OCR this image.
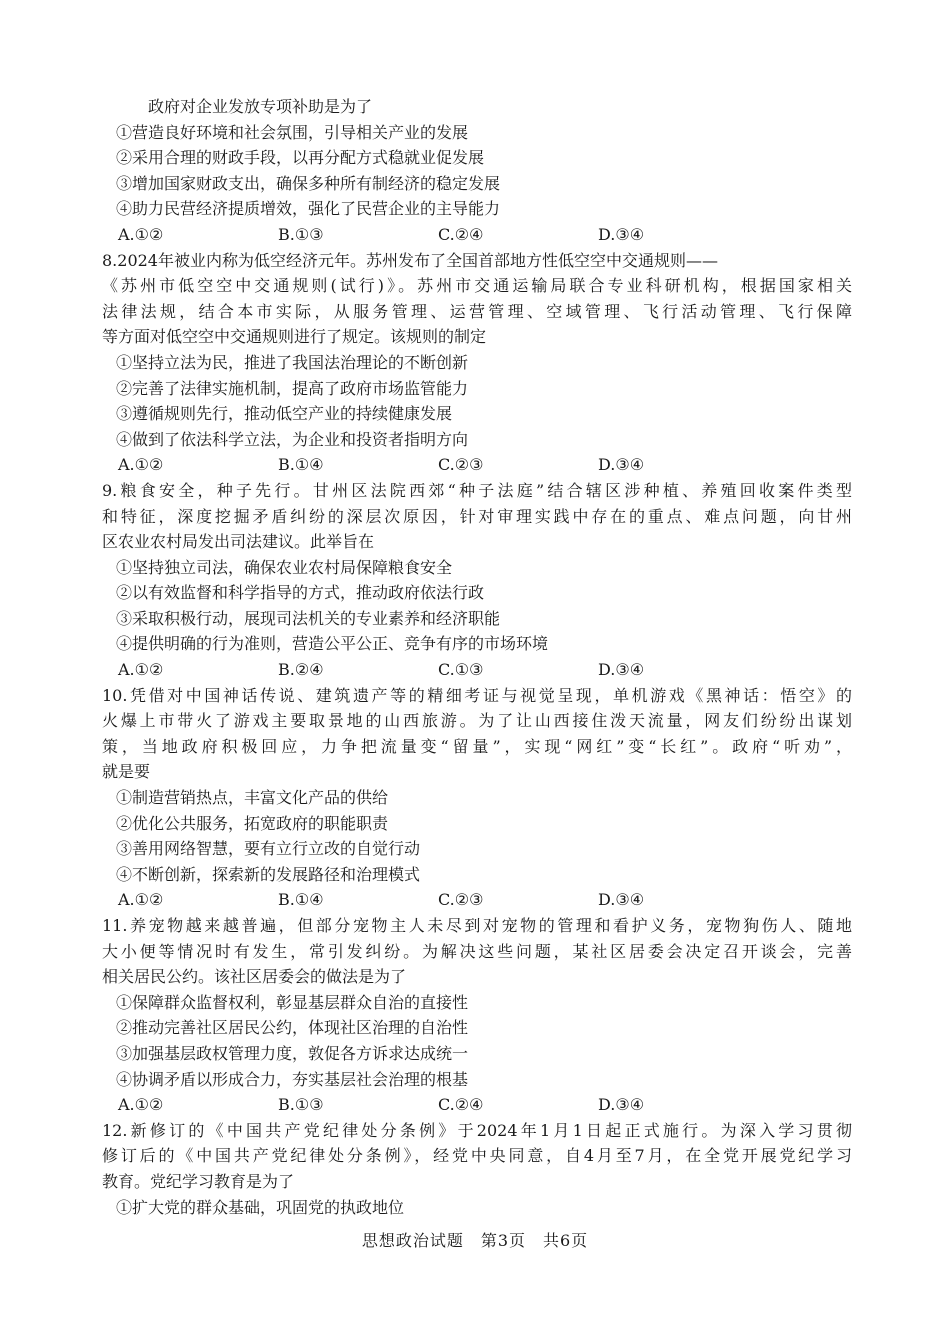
政府对企业发放专项补助是为了
①营造良好环境和社会氛围，引导相关产业的发展
②采用合理的财政手段，以再分配方式稳就业促发展
③增加国家财政支出，确保多种所有制经济的稳定发展
④助力民营经济提质增效，强化了民营企业的主导能力
A.①②	B.①③	C.②④	D.③④
8.2024年被业内称为低空经济元年。苏州发布了全国首部地方性低空空中交通规则——
《苏州市低空空中交通规则(试行)》。苏州市交通运输局联合专业科研机构，根据国家相关
法律法规，结合本市实际，从服务管理、运营管理、空域管理、飞行活动管理、飞行保障
等方面对低空空中交通规则进行了规定。该规则的制定
①坚持立法为民，推进了我国法治理论的不断创新
②完善了法律实施机制，提高了政府市场监管能力
③遵循规则先行，推动低空产业的持续健康发展
④做到了依法科学立法，为企业和投资者指明方向
A.①②	B.①④	C.②③	D.③④
9.粮食安全，种子先行。甘州区法院西郊“种子法庭”结合辖区涉种植、养殖回收案件类型
和特征，深度挖掘矛盾纠纷的深层次原因，针对审理实践中存在的重点、难点问题，向甘州
区农业农村局发出司法建议。此举旨在
①坚持独立司法，确保农业农村局保障粮食安全
②以有效监督和科学指导的方式，推动政府依法行政
③采取积极行动，展现司法机关的专业素养和经济职能
④提供明确的行为准则，营造公平公正、竞争有序的市场环境
A.①②	B.②④	C.①③	D.③④
10.凭借对中国神话传说、建筑遗产等的精细考证与视觉呈现，单机游戏《黑神话：悟空》的
火爆上市带火了游戏主要取景地的山西旅游。为了让山西接住泼天流量，网友们纷纷出谋划
策，当地政府积极回应，力争把流量变“留量”，实现“网红”变“长红”。政府“听劝”，
就是要
①制造营销热点，丰富文化产品的供给
②优化公共服务，拓宽政府的职能职责
③善用网络智慧，要有立行立改的自觉行动
④不断创新，探索新的发展路径和治理模式
A.①②	B.①④	C.②③	D.③④
11.养宠物越来越普遍，但部分宠物主人未尽到对宠物的管理和看护义务，宠物狗伤人、随地
大小便等情况时有发生，常引发纠纷。为解决这些问题，某社区居委会决定召开谈会，完善
相关居民公约。该社区居委会的做法是为了
①保障群众监督权利，彰显基层群众自治的直接性
②推动完善社区居民公约，体现社区治理的自治性
③加强基层政权管理力度，敦促各方诉求达成统一
④协调矛盾以形成合力，夯实基层社会治理的根基
A.①②	B.①③	C.②④	D.③④
12.新修订的《中国共产党纪律处分条例》于2024年1月1日起正式施行。为深入学习贯彻
修订后的《中国共产党纪律处分条例》，经党中央同意，自4月至7月，在全党开展党纪学习
教育。党纪学习教育是为了
①扩大党的群众基础，巩固党的执政地位
思想政治试题　第3页　共6页
